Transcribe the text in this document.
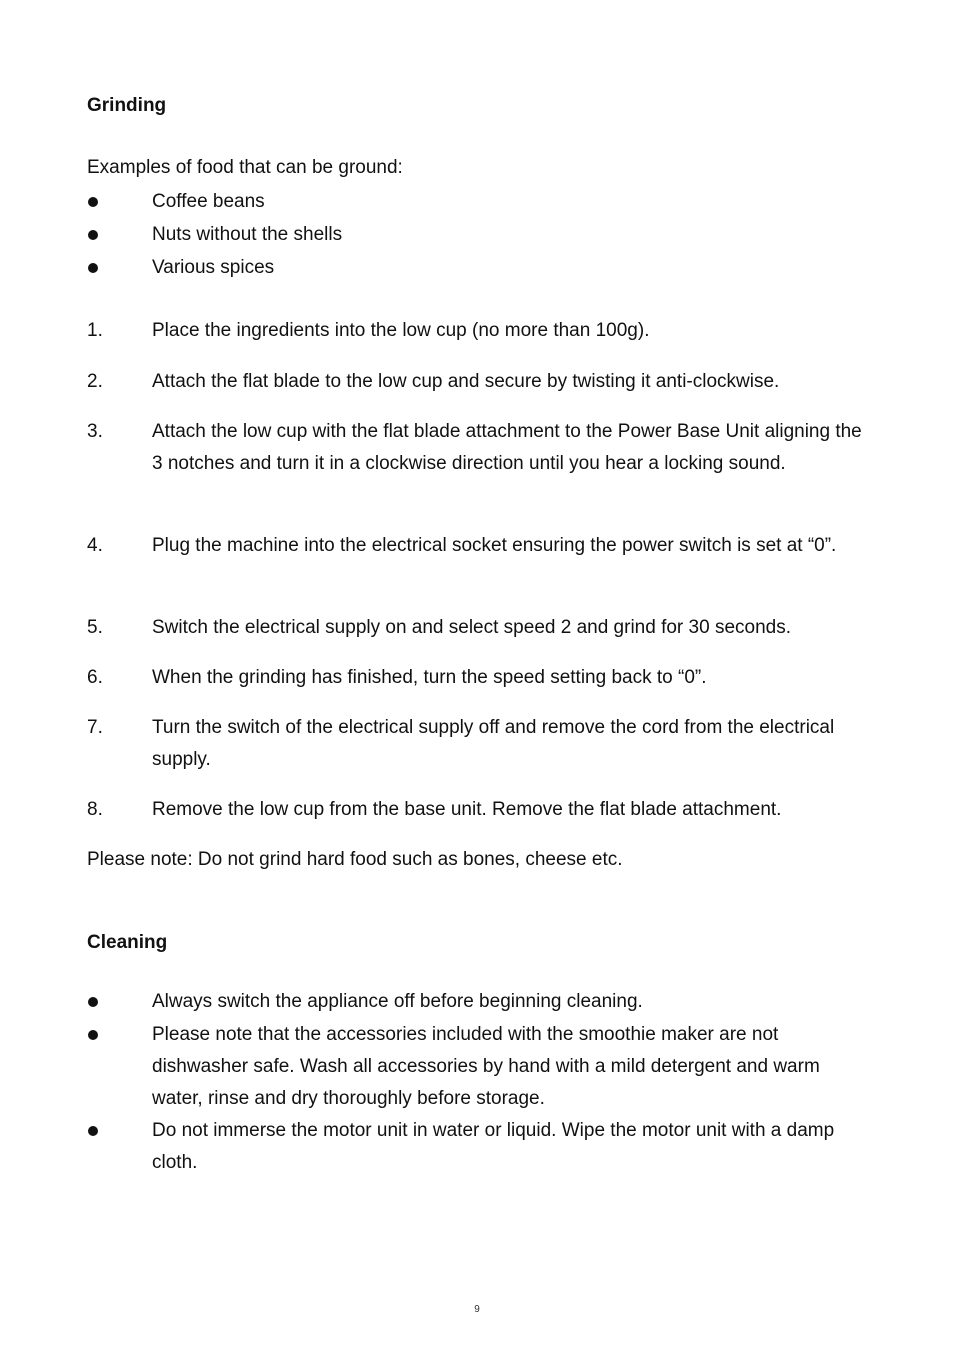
Grinding
Examples of food that can be ground:
Coffee beans
Nuts without the shells
Various spices
1.	Place the ingredients into the low cup (no more than 100g).
2.	Attach the flat blade to the low cup and secure by twisting it anti-clockwise.
3.	Attach the low cup with the flat blade attachment to the Power Base Unit aligning the 3 notches and turn it in a clockwise direction until you hear a locking sound.
4.	Plug the machine into the electrical socket ensuring the power switch is set at “0”.
5.	Switch the electrical supply on and select speed 2 and grind for 30 seconds.
6.	When the grinding has finished, turn the speed setting back to “0”.
7.	Turn the switch of the electrical supply off and remove the cord from the electrical supply.
8.	Remove the low cup from the base unit. Remove the flat blade attachment.
Please note: Do not grind hard food such as bones, cheese etc.
Cleaning
Always switch the appliance off before beginning cleaning.
Please note that the accessories included with the smoothie maker are not dishwasher safe. Wash all accessories by hand with a mild detergent and warm water, rinse and dry thoroughly before storage.
Do not immerse the motor unit in water or liquid. Wipe the motor unit with a damp cloth.
9
